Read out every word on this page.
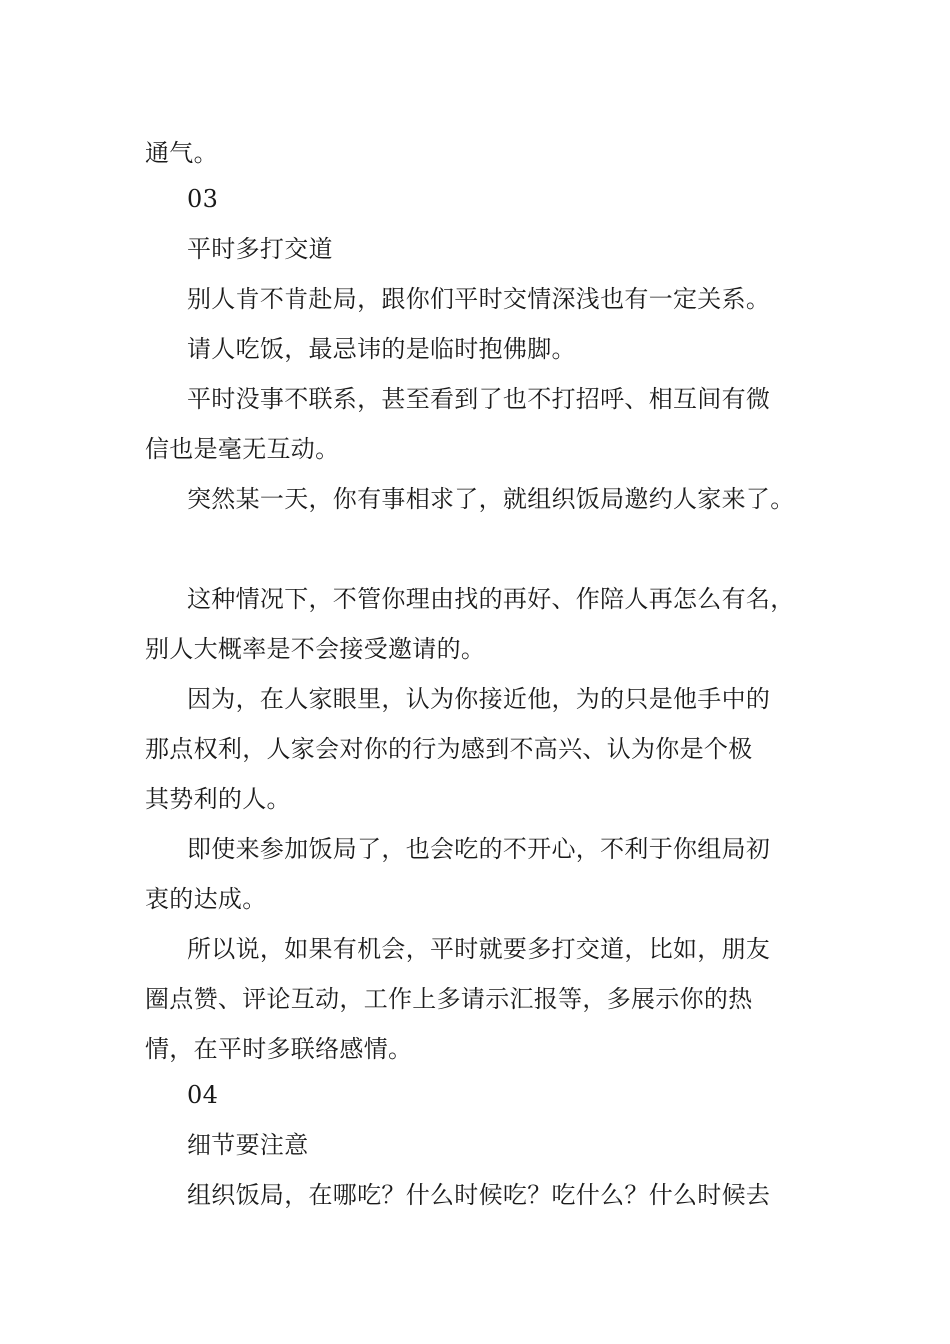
通气。
03
平时多打交道
别人肯不肯赴局，跟你们平时交情深浅也有一定关系。
请人吃饭，最忌讳的是临时抱佛脚。
平时没事不联系，甚至看到了也不打招呼、相互间有微
信也是毫无互动。
突然某一天，你有事相求了，就组织饭局邀约人家来了。
这种情况下，不管你理由找的再好、作陪人再怎么有名，
别人大概率是不会接受邀请的。
因为，在人家眼里，认为你接近他，为的只是他手中的
那点权利，人家会对你的行为感到不高兴、认为你是个极
其势利的人。
即使来参加饭局了，也会吃的不开心，不利于你组局初
衷的达成。
所以说，如果有机会，平时就要多打交道，比如，朋友
圈点赞、评论互动，工作上多请示汇报等，多展示你的热
情，在平时多联络感情。
04
细节要注意
组织饭局，在哪吃？什么时候吃？吃什么？什么时候去
